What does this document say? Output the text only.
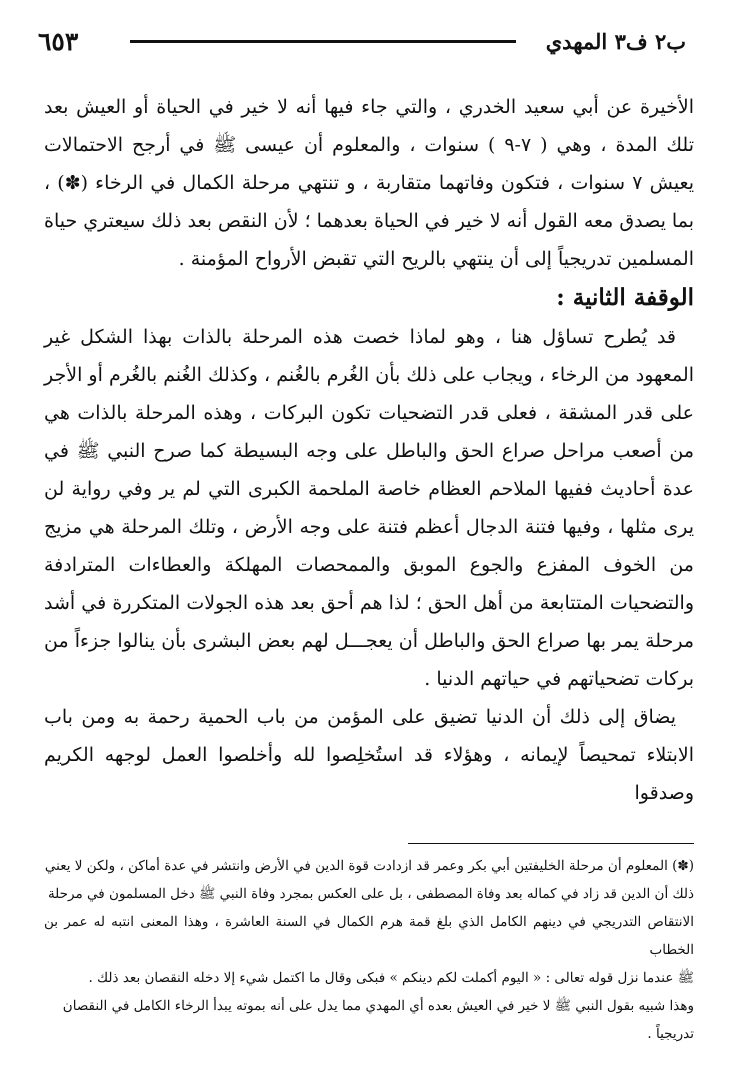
٦٥٣	ب٢ ف٣ المهدي

الأخيرة عن أبي سعيد الخدري ، والتي جاء فيها أنه لا خير في الحياة أو العيش بعد تلك المدة ، وهي ( ٧-٩ ) سنوات ، والمعلوم أن عيسى ﷺ في أرجح الاحتمالات يعيش ٧ سنوات ، فتكون وفاتهما متقاربة ، و تنتهي مرحلة الكمال في الرخاء (✽) ، بما يصدق معه القول أنه لا خير في الحياة بعدهما ؛ لأن النقص بعد ذلك سيعتري حياة المسلمين تدريجياً إلى أن ينتهي بالريح التي تقبض الأرواح المؤمنة .

الوقفة الثانية :

قد يُطرح تساؤل هنا ، وهو لماذا خصت هذه المرحلة بالذات بهذا الشكل غير المعهود من الرخاء ، ويجاب على ذلك بأن الغُرم بالغُنم ، وكذلك الغُنم بالغُرم أو الأجر على قدر المشقة ، فعلى قدر التضحيات تكون البركات ، وهذه المرحلة بالذات هي من أصعب مراحل صراع الحق والباطل على وجه البسيطة كما صرح النبي ﷺ في عدة أحاديث ففيها الملاحم العظام خاصة الملحمة الكبرى التي لم ير وفي رواية لن يرى مثلها ، وفيها فتنة الدجال أعظم فتنة على وجه الأرض ، وتلك المرحلة هي مزيج من الخوف المفزع والجوع الموبق والممحصات المهلكة والعطاءات المترادفة والتضحيات المتتابعة من أهل الحق ؛ لذا هم أحق بعد هذه الجولات المتكررة في أشد مرحلة يمر بها صراع الحق والباطل أن يعجـــل لهم بعض البشرى بأن ينالوا جزءاً من بركات تضحياتهم في حياتهم الدنيا .

يضاق إلى ذلك أن الدنيا تضيق على المؤمن من باب الحمية رحمة به ومن باب الابتلاء تمحيصاً لإيمانه ، وهؤلاء قد استُخلِصوا لله وأخلصوا العمل لوجهه الكريم وصدقوا

(✽) المعلوم أن مرحلة الخليفتين أبي بكر وعمر قد ازدادت قوة الدين في الأرض وانتشر في عدة أماكن ، ولكن لا يعني

ذلك أن الدين قد زاد في كماله بعد وفاة المصطفى ، بل على العكس بمجرد وفاة النبي ﷺ دخل المسلمون في مرحلة

الانتقاص التدريجي في دينهم الكامل الذي بلغ قمة هرم الكمال في السنة العاشرة ، وهذا المعنى انتبه له عمر بن الخطاب

ﷺ عندما نزل قوله تعالى : « اليوم أكملت لكم دينكم » فبكى وقال ما اكتمل شيء إلا دخله النقصان بعد ذلك .

وهذا شبيه بقول النبي ﷺ لا خير في العيش بعده أي المهدي مما يدل على أنه بموته يبدأ الرخاء الكامل في النقصان

تدريجياً .
